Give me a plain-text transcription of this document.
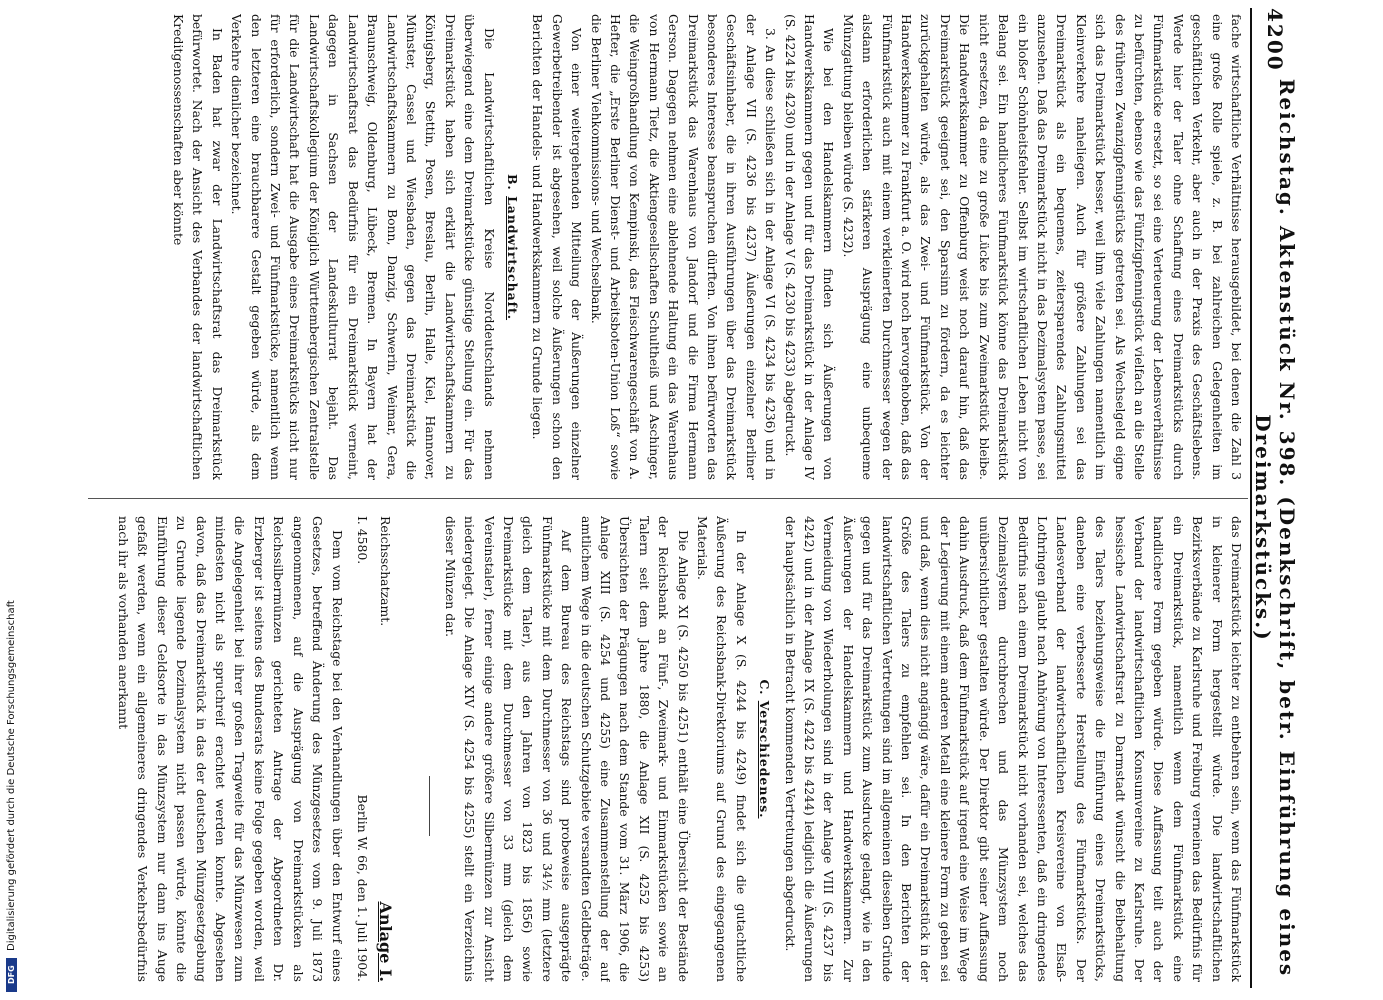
4200
Reichstag. Aktenstück Nr. 398. (Denkschrift, betr. Einführung eines Dreimarkstücks.)

fache wirtschaftliche Verhältnisse herausgebildet, bei denen die Zahl 3 eine große Rolle spiele, z. B. bei zahlreichen Gelegenheiten im geschäftlichen Verkehr, aber auch in der Praxis des Geschäftslebens. Werde hier der Taler ohne Schaffung eines Dreimarkstücks durch Fünfmarkstücke ersetzt, so sei eine Verteuerung der Lebensverhältnisse zu befürchten, ebenso wie das Fünfzigpfennigstück vielfach an die Stelle des früheren Zwanzigpfennigstücks getreten sei. Als Wechselgeld eigne sich das Dreimarkstück besser, weil ihm viele Zahlungen namentlich im Kleinverkehre naheliegen. Auch für größere Zahlungen sei das Dreimarkstück als ein bequemes, zeitersparendes Zahlungsmittel anzusehen. Daß das Dreimarkstück nicht in das Dezimalsystem passe, sei ein bloßer Schönheitsfehler. Selbst im wirtschaftlichen Leben nicht von Belang sei. Ein handlicheres Fünfmarkstück könne das Dreimarkstück nicht ersetzen, da eine zu große Lücke bis zum Zweimarkstück bleibe. Die Handwerkskammer zu Offenburg weist noch darauf hin, daß das Dreimarkstück geeignet sei, den Sparsinn zu fördern, da es leichter zurückgehalten würde, als das Zwei- und Fünfmarkstück. Von der Handwerkskammer zu Frankfurt a. O. wird noch hervorgehoben, daß das Fünfmarkstück auch mit einem verkleinerten Durchmesser wegen der alsdann erforderlichen stärkeren Ausprägung eine unbequeme Münzgattung bleiben würde (S. 4232).

Wie bei den Handelskammern finden sich Äußerungen von Handwerkskammern gegen und für das Dreimarkstück in der Anlage IV (S. 4224 bis 4230) und in der Anlage V (S. 4230 bis 4233) abgedruckt.

3. An diese schließen sich in der Anlage VI (S. 4234 bis 4236) und in der Anlage VII (S. 4236 bis 4237) Äußerungen einzelner Berliner Geschäftsinhaber, die in ihren Ausführungen über das Dreimarkstück besonderes Interesse beanspruchen dürften. Von ihnen befürworten das Dreimarkstück das Warenhaus von Jandorf und die Firma Hermann Gerson. Dagegen nehmen eine ablehnende Haltung ein das Warenhaus von Hermann Tietz, die Aktiengesellschaften Schultheiß und Aschinger, die Weingroßhandlung von Kempinski, das Fleischwarengeschäft von A. Hefter, die „Erste Berliner Dienst- und Arbeitsboten-Union Loß“ sowie die Berliner Viehkommissions- und Wechselbank.

Von einer weitergehenden Mitteilung der Äußerungen einzelner Gewerbetreibender ist abgesehen, weil solche Äußerungen schon den Berichten der Handels- und Handwerkskammern zu Grunde liegen.

B. Landwirtschaft.

Die Landwirtschaftlichen Kreise Norddeutschlands nehmen überwiegend eine dem Dreimarkstücke günstige Stellung ein. Für das Dreimarkstück haben sich erklärt die Landwirtschaftskammern zu Königsberg, Stettin, Posen, Breslau, Berlin, Halle, Kiel, Hannover, Münster, Cassel und Wiesbaden, gegen das Dreimarkstück die Landwirtschaftskammern zu Bonn, Danzig, Schwerin, Weimar, Gera, Braunschweig, Oldenburg, Lübeck, Bremen. In Bayern hat der Landwirtschaftsrat das Bedürfnis für ein Dreimarkstück verneint, dagegen in Sachsen der Landeskulturrat bejaht. Das Landwirtschaftskollegium der Königlich Württembergischen Zentralstelle für die Landwirtschaft hat die Ausgabe eines Dreimarkstücks nicht nur für erforderlich, sondern Zwei- und Fünfmarkstücke, namentlich wenn den letzteren eine brauchbarere Gestalt gegeben würde, als dem Verkehre dienlicher bezeichnet.

In Baden hat zwar der Landwirtschaftsrat das Dreimarkstück befürwortet. Nach der Ansicht des Verbandes der landwirtschaftlichen Kreditgenossenschaften aber könnte

das Dreimarkstück leichter zu entbehren sein, wenn das Fünfmarkstück in kleinerer Form hergestellt würde. Die landwirtschaftlichen Bezirksverbände zu Karlsruhe und Freiburg verneinen das Bedürfnis für ein Dreimarkstück, namentlich wenn dem Fünfmarkstück eine handlichere Form gegeben würde. Diese Auffassung teilt auch der Verband der landwirtschaftlichen Konsumvereine zu Karlsruhe. Der hessische Landwirtschaftsrat zu Darmstadt wünscht die Beibehaltung des Talers beziehungsweise die Einführung eines Dreimarkstücks, daneben eine verbesserte Herstellung des Fünfmarkstücks. Der Landesverband der landwirtschaftlichen Kreisvereine von Elsaß-Lothringen glaubt nach Anhörung von Interessenten, daß ein dringendes Bedürfnis nach einem Dreimarkstück nicht vorhanden sei, welches das Dezimalsystem durchbrechen und das Münzsystem noch unübersichtlicher gestalten würde. Der Direktor gibt seiner Auffassung dahin Ausdruck, daß dem Fünfmarkstück auf irgend eine Weise im Wege der Legierung mit einem anderen Metall eine kleinere Form zu geben sei und daß, wenn dies nicht angängig wäre, dafür ein Dreimarkstück in der Größe des Talers zu empfehlen sei. In den Berichten der landwirtschaftlichen Vertretungen sind im allgemeinen dieselben Gründe gegen und für das Dreimarkstück zum Ausdrucke gelangt, wie in den Äußerungen der Handelskammern und Handwerkskammern. Zur Vermeidung von Wiederholungen sind in der Anlage VIII (S. 4237 bis 4242) und in der Anlage IX (S. 4242 bis 4244) lediglich die Äußerungen der hauptsächlich in Betracht kommenden Vertretungen abgedruckt.

C. Verschiedenes.

In der Anlage X (S. 4244 bis 4249) findet sich die gutachtliche Äußerung des Reichsbank-Direktoriums auf Grund des eingegangenen Materials.

Die Anlage XI (S. 4250 bis 4251) enthält eine Übersicht der Bestände der Reichsbank an Fünf-, Zweimark- und Einmarkstücken sowie an Talern seit dem Jahre 1880, die Anlage XII (S. 4252 bis 4253) Übersichten der Prägungen nach dem Stande vom 31. März 1906, die Anlage XIII (S. 4254 und 4255) eine Zusammenstellung der auf amtlichem Wege in die deutschen Schutzgebiete versandten Geldbeträge.

Auf dem Bureau des Reichstags sind probeweise ausgeprägte Fünfmarkstücke mit dem Durchmesser von 36 und 34½ mm (letztere gleich dem Taler), aus den Jahren von 1823 bis 1856) sowie Dreimarkstücke mit dem Durchmesser von 33 mm (gleich dem Vereinstaler), ferner einige andere größere Silbermünzen zur Ansicht niedergelegt. Die Anlage XIV (S. 4254 bis 4255) stellt ein Verzeichnis dieser Münzen dar.

Reichsschatzamt.
Anlage I.
I. 4580.
Berlin W. 66, den 1. Juli 1904.

Dem vom Reichstage bei den Verhandlungen über den Entwurf eines Gesetzes, betreffend Änderung des Münzgesetzes vom 9. Juli 1873 angenommenen, auf die Ausprägung von Dreimarkstücken als Reichssilbermünzen gerichteten Antrage der Abgeordneten Dr. Erzberger ist seitens des Bundesrats keine Folge gegeben worden, weil die Angelegenheit bei ihrer großen Tragweite für das Münzwesen zum mindesten nicht als spruchreif erachtet werden konnte. Abgesehen davon, daß das Dreimarkstück in das der deutschen Münzgesetzgebung zu Grunde liegende Dezimalsystem nicht passen würde, könnte die Einführung dieser Geldsorte in das Münzsystem nur dann ins Auge gefaßt werden, wenn ein allgemeineres dringendes Verkehrsbedürfnis nach ihr als vorhanden anerkannt

Digitalisierung gefördert durch die Deutsche Forschungsgemeinschaft
DFG
